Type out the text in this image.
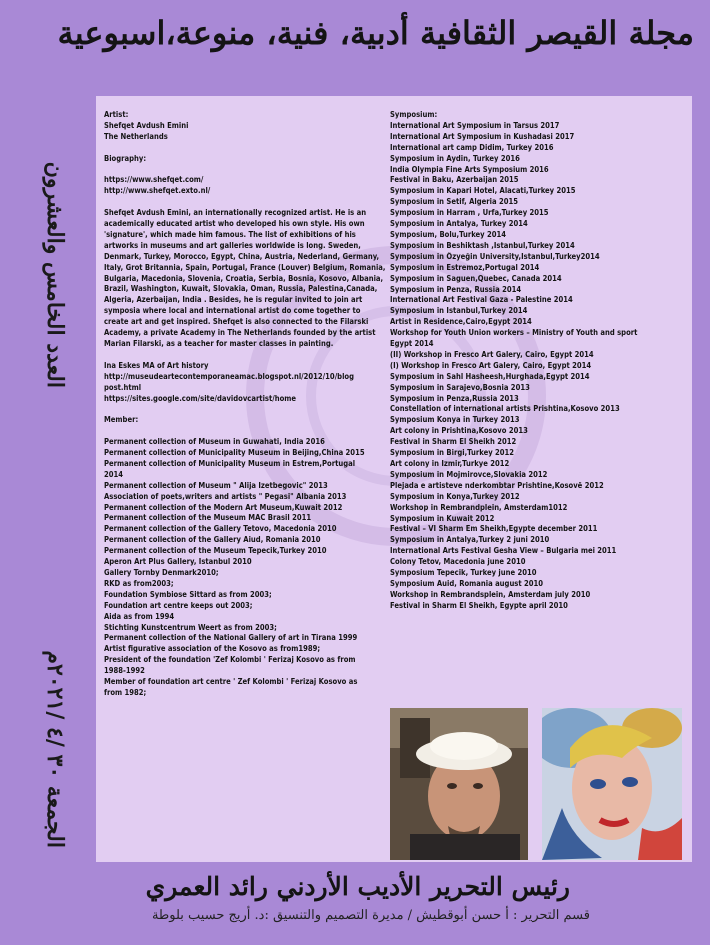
مجلة القيصر الثقافية أدبية، فنية، منوعة،اسبوعية
العدد الخامس والعشرون
الجمعة ٣٠ /٤ /٢٠٢١م
Artist:
Shefqet Avdush Emini
The Netherlands
Biography:
https://www.shefqet.com/
http://www.shefqet.exto.nl/
Shefqet Avdush Emini, an internationally recognized artist. He is an academically educated artist who developed his own style. His own 'signature', which made him famous. The list of exhibitions of his artworks in museums and art galleries worldwide is long. Sweden, Denmark, Turkey, Morocco, Egypt, China, Austria, Nederland, Germany, Italy, Grot Britannia, Spain, Portugal, France (Louver) Belgium, Romania, Bulgaria, Macedonia, Slovenia, Croatia, Serbia, Bosnia, Kosovo, Albania, Brazil, Washington, Kuwait, Slovakia, Oman, Russia, Palestina,Canada, Algeria, Azerbaijan, India . Besides, he is regular invited to join art symposia where local and international artist do come together to create art and get inspired. Shefqet is also connected to the Filarski Academy, a private Academy in The Netherlands founded by the artist Marian Filarski, as a teacher for master classes in painting.
Ina Eskes MA of Art history
http://museudeartecontemporaneamac.blogspot.nl/2012/10/blog
post.html
https://sites.google.com/site/davidovcartist/home
Member:
Permanent collection of Museum in Guwahati, India 2016
Permanent collection of Municipality Museum in Beijing,China 2015
Permanent collection of Municipality Museum in Estrem,Portugal
2014
Permanent collection of Museum " Alija Izetbegovic" 2013
Association of poets,writers and artists " Pegasi" Albania 2013
Permanent collection of the Modern Art Museum,Kuwait 2012
Permanent collection of the Museum MAC Brasil 2011
Permanent collection of the Gallery Tetovo, Macedonia 2010
Permanent collection of the Gallery Aiud, Romania 2010
Permanent collection of the Museum Tepecik,Turkey 2010
Aperon Art Plus Gallery, Istanbul 2010
Gallery Tornby Denmark2010;
RKD as from2003;
Foundation Symbiose Sittard as from 2003;
Foundation art centre keeps out 2003;
Aida as from 1994
Stichting Kunstcentrum Weert as from 2003;
Permanent collection of the National Gallery of art in Tirana 1999
Artist figurative association of the Kosovo as from1989;
President of the foundation 'Zef Kolombi ' Ferizaj Kosovo as from
1988-1992
Member of foundation art centre ' Zef Kolombi ' Ferizaj Kosovo as
from 1982;
Symposium:
International Art Symposium in Tarsus 2017
International Art Symposium in Kushadasi 2017
International art camp Didim, Turkey 2016
Symposium in Aydin, Turkey 2016
India Olympia Fine Arts Symposium 2016
Festival in Baku, Azerbaijan 2015
Symposium in Kapari Hotel, Alacati,Turkey 2015
Symposium in Setif, Algeria 2015
Symposium in Harram , Urfa,Turkey 2015
Symposium in Antalya, Turkey 2014
Symposium, Bolu,Turkey 2014
Symposium in Beshiktash ,Istanbul,Turkey 2014
Symposium in Özyeğin University,Istanbul,Turkey2014
Symposium in Estremoz,Portugal 2014
Symposium in Saguen,Quebec, Canada 2014
Symposium in Penza, Russia 2014
International Art Festival Gaza - Palestine 2014
Symposium in Istanbul,Turkey 2014
Artist in Residence,Cairo,Egypt 2014
Workshop for Youth Union workers – Ministry of Youth and sport
Egypt 2014
(II) Workshop in Fresco Art Galery, Cairo, Egypt 2014
(I) Workshop in Fresco Art Galery, Cairo, Egypt 2014
Symposium in Sahl Hasheesh,Hurghada,Egypt 2014
Symposium in Sarajevo,Bosnia 2013
Symposium in Penza,Russia 2013
Constellation of international artists Prishtina,Kosovo 2013
Symposium Konya in Turkey 2013
Art colony in Prishtina,Kosovo 2013
Festival in Sharm El Sheikh 2012
Symposium in Birgi,Turkey 2012
Art colony in Izmir,Turkye 2012
Symposium in Mojmirovce,Slovakia 2012
Plejada e artisteve nderkombtar Prishtine,Kosovë 2012
Symposium in Konya,Turkey 2012
Workshop in Rembrandplein, Amsterdam1012
Symposium in Kuwait 2012
Festival – VI Sharm Em Sheikh,Egypte december 2011
Symposium in Antalya,Turkey 2 juni 2010
International Arts Festival Gesha View – Bulgaria mei 2011
Colony Tetov, Macedonia june 2010
Symposium Tepecik, Turkey june 2010
Symposium Auid, Romania august 2010
Workshop in Rembrandsplein, Amsterdam july 2010
Festival in Sharm El Sheikh, Egypte april 2010
رئيس التحرير الأديب الأردني رائد العمري
قسم التحرير : أ حسن أبوقطيش / مديرة التصميم والتنسيق :د. أريج حسيب بلوطة
